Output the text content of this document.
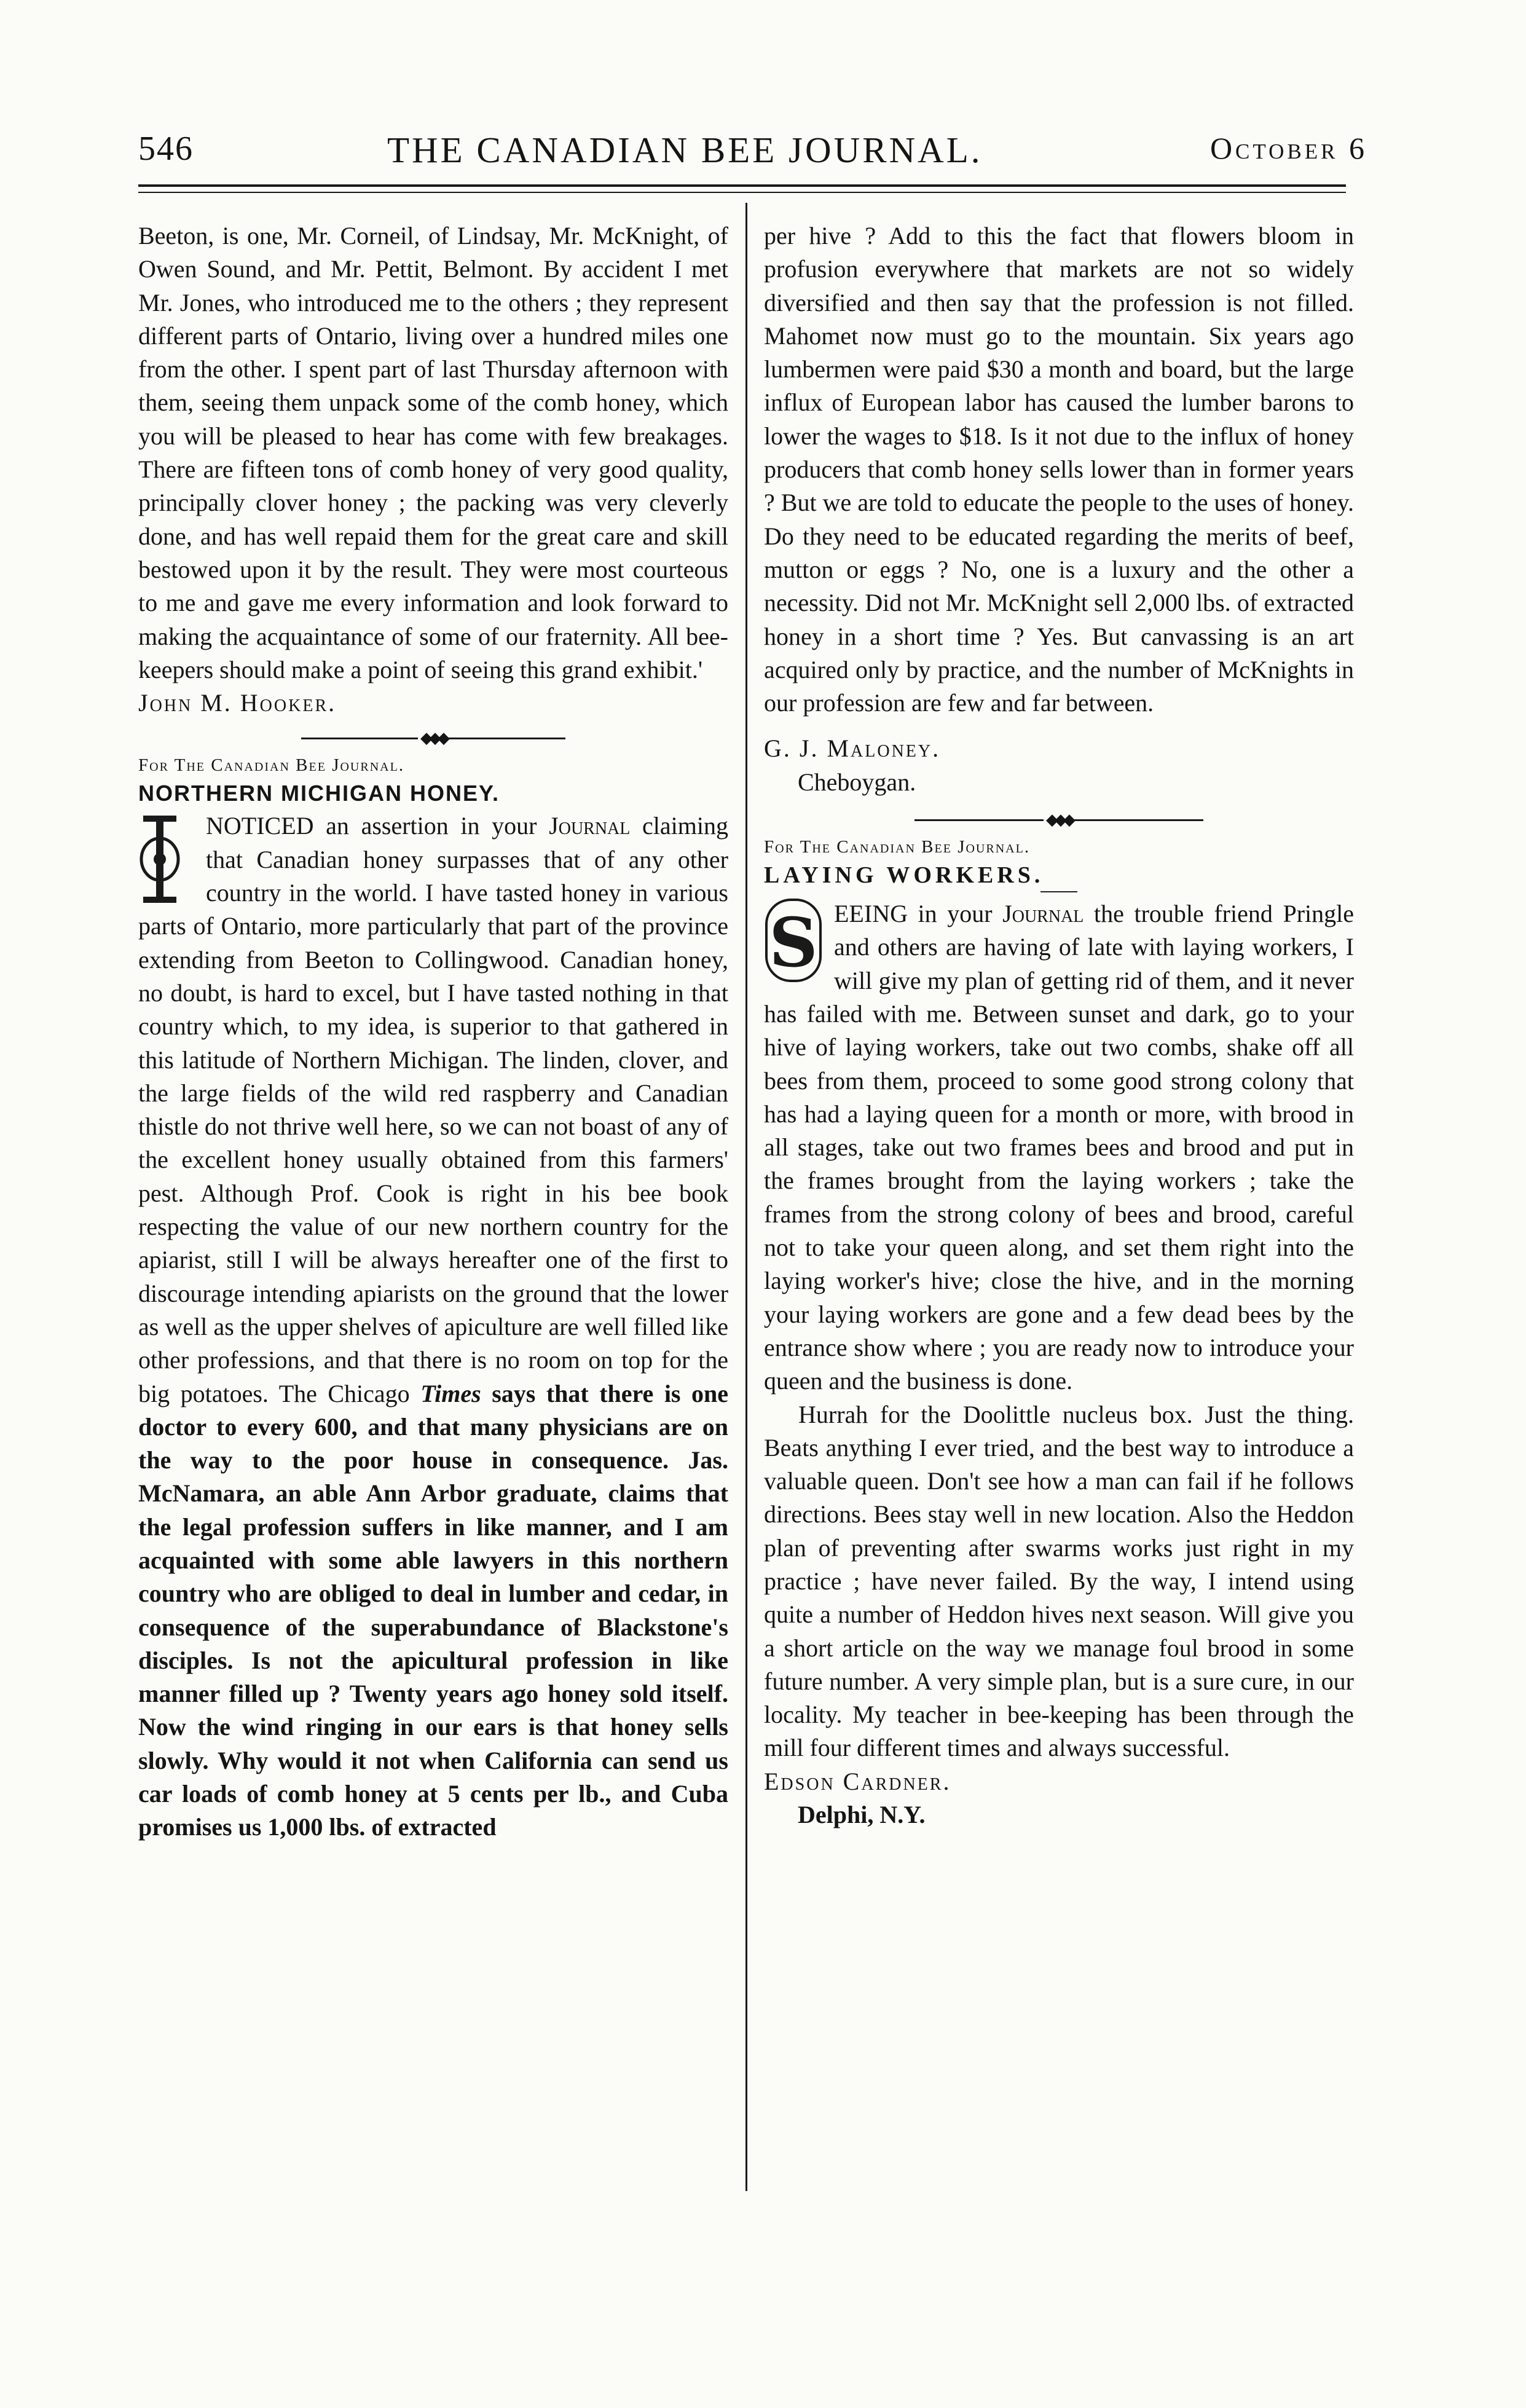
546	THE CANADIAN BEE JOURNAL.	October 6

Beeton, is one, Mr. Corneil, of Lindsay, Mr. McKnight, of Owen Sound, and Mr. Pettit, Belmont. By accident I met Mr. Jones, who introduced me to the others ; they represent different parts of Ontario, living over a hundred miles one from the other. I spent part of last Thursday afternoon with them, seeing them unpack some of the comb honey, which you will be pleased to hear has come with few breakages. There are fifteen tons of comb honey of very good quality, principally clover honey ; the packing was very cleverly done, and has well repaid them for the great care and skill bestowed upon it by the result. They were most courteous to me and gave me every information and look forward to making the acquaintance of some of our fraternity. All bee-keepers should make a point of seeing this grand exhibit.'

John M. Hooker.

◆◆◆

For The Canadian Bee Journal.

NORTHERN MICHIGAN HONEY.

NOTICED an assertion in your Journal claiming that Canadian honey surpasses that of any other country in the world. I have tasted honey in various parts of Ontario, more particularly that part of the province extending from Beeton to Collingwood. Canadian honey, no doubt, is hard to excel, but I have tasted nothing in that country which, to my idea, is superior to that gathered in this latitude of Northern Michigan. The linden, clover, and the large fields of the wild red raspberry and Canadian thistle do not thrive well here, so we can not boast of any of the excellent honey usually obtained from this farmers' pest. Although Prof. Cook is right in his bee book respecting the value of our new northern country for the apiarist, still I will be always hereafter one of the first to discourage intending apiarists on the ground that the lower as well as the upper shelves of apiculture are well filled like other professions, and that there is no room on top for the big potatoes. The Chicago Times says that there is one doctor to every 600, and that many physicians are on the way to the poor house in consequence. Jas. McNamara, an able Ann Arbor graduate, claims that the legal profession suffers in like manner, and I am acquainted with some able lawyers in this northern country who are obliged to deal in lumber and cedar, in consequence of the superabundance of Blackstone's disciples. Is not the apicultural profession in like manner filled up ? Twenty years ago honey sold itself. Now the wind ringing in our ears is that honey sells slowly. Why would it not when California can send us car loads of comb honey at 5 cents per lb., and Cuba promises us 1,000 lbs. of extracted

per hive ? Add to this the fact that flowers bloom in profusion everywhere that markets are not so widely diversified and then say that the profession is not filled. Mahomet now must go to the mountain. Six years ago lumbermen were paid $30 a month and board, but the large influx of European labor has caused the lumber barons to lower the wages to $18. Is it not due to the influx of honey producers that comb honey sells lower than in former years ? But we are told to educate the people to the uses of honey. Do they need to be educated regarding the merits of beef, mutton or eggs ? No, one is a luxury and the other a necessity. Did not Mr. McKnight sell 2,000 lbs. of extracted honey in a short time ? Yes. But canvassing is an art acquired only by practice, and the number of McKnights in our profession are few and far between.

G. J. Maloney.

Cheboygan.

◆◆◆

For The Canadian Bee Journal.

LAYING WORKERS.

S EEING in your Journal the trouble friend Pringle and others are having of late with laying workers, I will give my plan of getting rid of them, and it never has failed with me. Between sunset and dark, go to your hive of laying workers, take out two combs, shake off all bees from them, proceed to some good strong colony that has had a laying queen for a month or more, with brood in all stages, take out two frames bees and brood and put in the frames brought from the laying workers ; take the frames from the strong colony of bees and brood, careful not to take your queen along, and set them right into the laying worker's hive; close the hive, and in the morning your laying workers are gone and a few dead bees by the entrance show where ; you are ready now to introduce your queen and the business is done.

Hurrah for the Doolittle nucleus box. Just the thing. Beats anything I ever tried, and the best way to introduce a valuable queen. Don't see how a man can fail if he follows directions. Bees stay well in new location. Also the Heddon plan of preventing after swarms works just right in my practice ; have never failed. By the way, I intend using quite a number of Heddon hives next season. Will give you a short article on the way we manage foul brood in some future number. A very simple plan, but is a sure cure, in our locality. My teacher in bee-keeping has been through the mill four different times and always successful.

Edson Cardner.

Delphi, N.Y.
